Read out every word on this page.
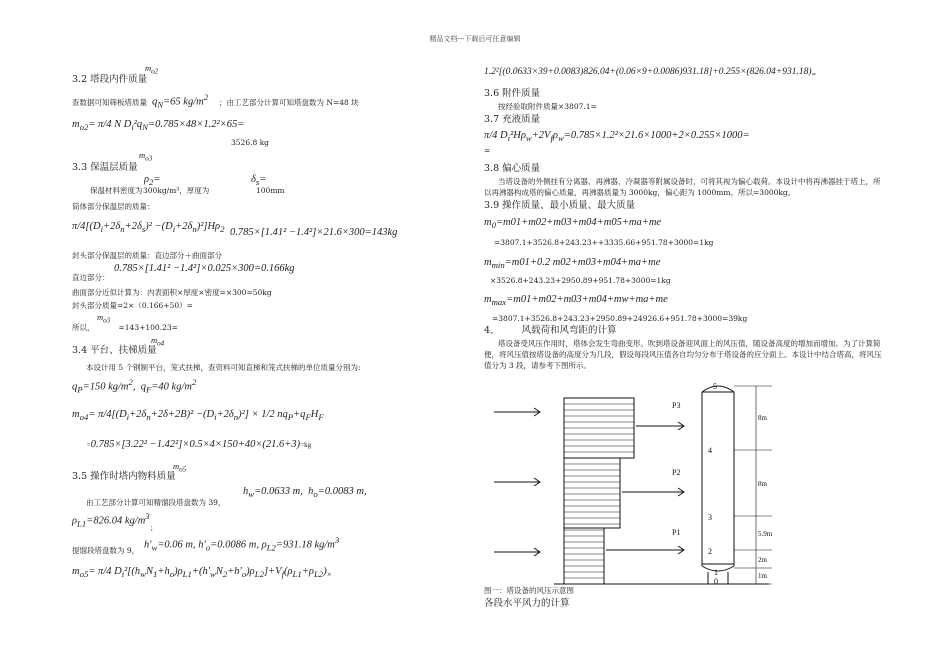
精品文档---下载后可任意编辑
3.2 塔段内件质量
$m_{o2}$
查数据可知筛板塔质量 $q_N=65$ $kg/m^2$
；由工艺部分计算可知塔盘数为 N=48 块
$m_{o2}= \pi/4$ N $D_i^2q_N=0.785\times 48\times 1.2^2\times 65=$
3526.8 kg
3.3 保温层质量
$m_{o3}$
$\rho_2=$	$\delta_s=$
保温材料密度为 300kg/m³，厚度为	100mm
筒体部分保温层的质量：
$\pi/4[(D_i+2\delta_n+2\delta_s)^2 -(D_i+2\delta_n)^2]H\rho_2$ 0.785×[1.41² −1.4²]×21.6×300=143kg
封头部分保温层的质量：直边部分＋曲面部分
0.785×[1.41² −1.4²]×0.025×300=0.166kg
直边部分：
曲面部分近似计算为：内表面积×厚度×密度=×300=50kg
封头部分质量=2×（0.166+50）=
$m_{o3}$
所以，	=143+100.23=
3.4 平台、扶梯质量
$m_{o4}$
本设计用 5 个钢制平台，笼式扶梯，查资料可知直梯和笼式扶梯的单位质量分别为:
$q_P=150$ $kg/m^2$,  $q_F=40$ $kg/m^2$
$m_{o4}= \pi/4[(D_i+2\delta_n+2\delta+2B)^2 -(D_i+2\delta_n)^2] \times 1/2$ $nq_P+q_FH_F$
=0.785×[3.22² −1.42²]×0.5×4×150+40×(21.6+3)=kg
3.5 操作时塔内物料质量
$m_{o5}$
$h_w=0.0633$ m,  $h_o=0.0083$ m,
由工艺部分计算可知精馏段塔盘数为 39，
$\rho_{L1}=826.04$ $kg/m^3$
；
$h'_w=0.06$ m, $h'_o=0.0086$ m, $\rho_{L2}=931.18$ $kg/m^3$
提馏段塔盘数为 9，
$m_{o5}= \pi/4$ $D_i^2[(h_wN_1+h_o)\rho_{L1}+(h'_wN_2+h'_o)\rho_{L2}]+V_f(\rho_{L1}+\rho_{L2})_\times$
$1.2^2[(0.0633\times 39+0.0083)826.04+(0.06\times 9+0.0086)931.18]+0.255\times(826.04+931.18)_=$
3.6 附件质量
按经验取附件质量×3807.1=
3.7 充液质量
π/4 $D_i^2H\rho_w+2V_f\rho_w=0.785\times 1.2^2\times 21.6\times 1000+2\times 0.255\times 1000=$
=
3.8 偏心质量
当塔设备的外侧挂有分离器、再沸器、冷凝器等附属设备时，可将其视为偏心载荷。本设计中将再沸器挂于塔上，所以再沸器构成塔的偏心质量，再沸器质量为 3000kg，偏心距为 1000mm。所以=3000kg。
3.9 操作质量、最小质量、最大质量
$m_0=m01+m02+m03+m04+m05+ma+me$
=3807.1+3526.8+243.23++3335.66+951.78+3000=1kg
$m_{min}=m01+0.2$ m02+m03+m04+ma+me
×3526.8+243.23+2950.89+951.78+3000=1kg
$m_{max}=m01+m02+m03+m04+mw+ma+me$
=3807.1+3526.8+243.23+2950.89+24926.6+951.78+3000=39kg
4、 风载荷和风弯距的计算
塔设备受风压作用时，塔体会发生弯曲变形。吹到塔设备迎风面上的风压值，随设备高度的增加而增加。为了计算简便，将风压值按塔设备的高度分为几段，假设每段风压值各自均匀分布于塔设备的应分面上。本设计中结合塔高，将风压值分为 3 段，请参考下图所示。
P3
P2
P1
5
4
3
2
1
0
8m
8m
5.9m
2m
1m
图一：塔设备的风压示意图
各段水平风力的计算
